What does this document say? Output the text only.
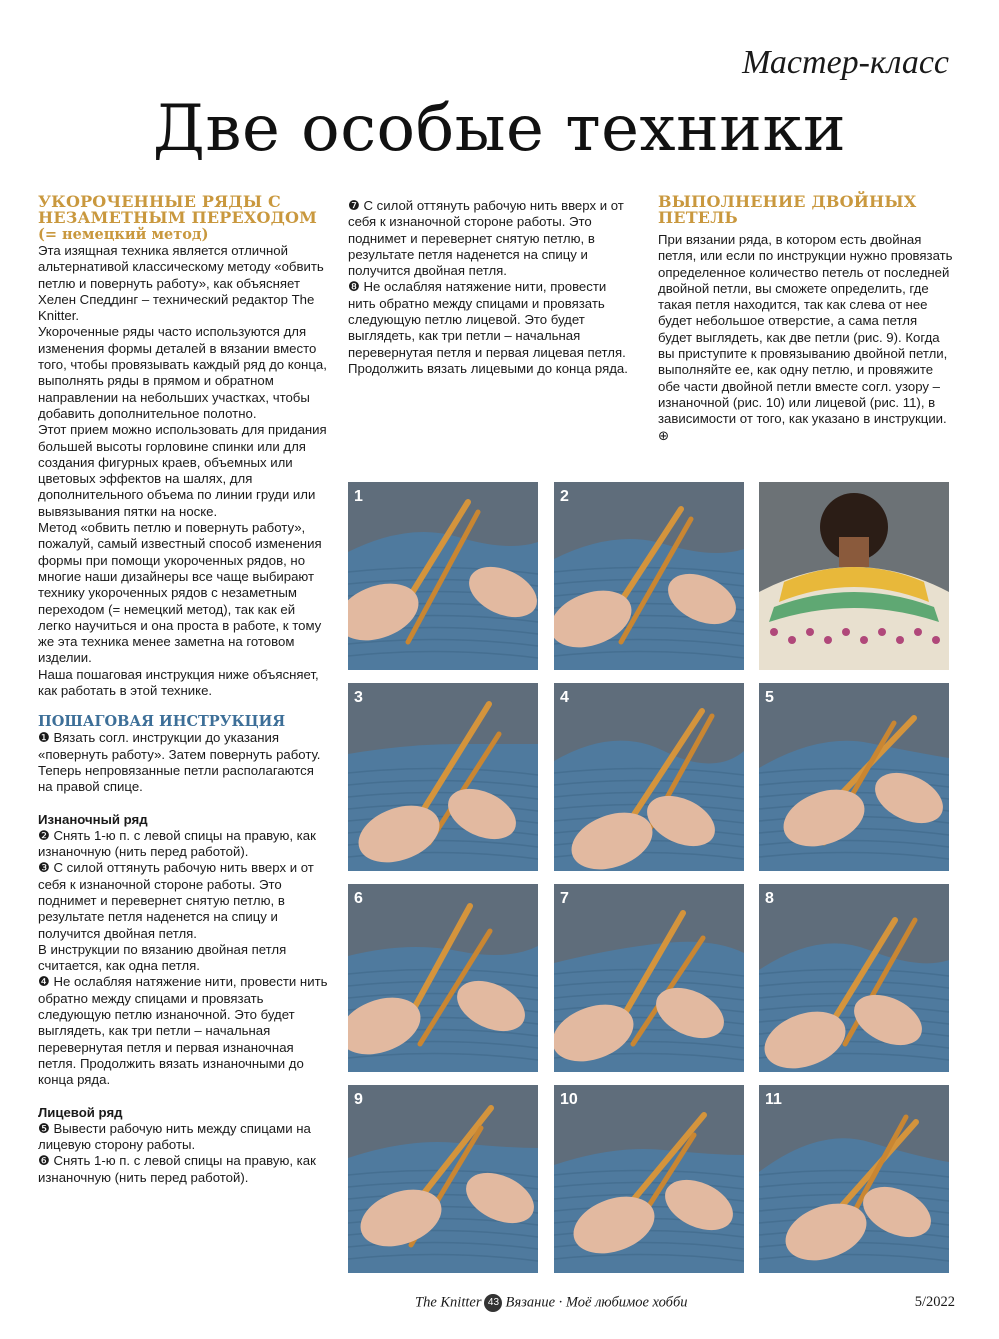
Мастер-класс
Две особые техники

УКОРОЧЕННЫЕ РЯДЫ С НЕЗАМЕТНЫМ ПЕРЕХОДОМ

(= немецкий метод)

Эта изящная техника является отличной альтернативой классическому методу «обвить петлю и повернуть работу», как объясняет Хелен Спеддинг – технический редактор The Knitter.

Укороченные ряды часто используются для изменения формы деталей в вязании вместо того, чтобы провязывать каждый ряд до конца, выполнять ряды в прямом и обратном направлении на небольших участках, чтобы добавить дополнительное полотно.

Этот прием можно использовать для придания большей высоты горловине спинки или для создания фигурных краев, объемных или цветовых эффектов на шалях, для дополнительного объема по линии груди или вывязывания пятки на носке.

Метод «обвить петлю и повернуть работу», пожалуй, самый известный способ изменения формы при помощи укороченных рядов, но многие наши дизайнеры все чаще выбирают технику укороченных рядов с незаметным переходом (= немецкий метод), так как ей легко научиться и она проста в работе, к тому же эта техника менее заметна на готовом изделии.

Наша пошаговая инструкция ниже объясняет, как работать в этой технике.

ПОШАГОВАЯ ИНСТРУКЦИЯ

❶ Вязать согл. инструкции до указания «повернуть работу». Затем повернуть работу.

Теперь непровязанные петли располагаются на правой спице.

Изнаночный ряд

❷ Снять 1-ю п. с левой спицы на правую, как изнаночную (нить перед работой).

❸ С силой оттянуть рабочую нить вверх и от себя к изнаночной стороне работы. Это поднимет и перевернет снятую петлю, в результате петля наденется на спицу и получится двойная петля.

В инструкции по вязанию двойная петля считается, как одна петля.

❹ Не ослабляя натяжение нити, провести нить обратно между спицами и провязать следующую петлю изнаночной. Это будет выглядеть, как три петли – начальная перевернутая петля и первая изнаночная петля. Продолжить вязать изнаночными до конца ряда.

Лицевой ряд

❺ Вывести рабочую нить между спицами на лицевую сторону работы.

❻ Снять 1-ю п. с левой спицы на правую, как изнаночную (нить перед работой).

❼ С силой оттянуть рабочую нить вверх и от себя к изнаночной стороне работы. Это поднимет и перевернет снятую петлю, в результате петля наденется на спицу и получится двойная петля.

❽ Не ослабляя натяжение нити, провести нить обратно между спицами и провязать следующую петлю лицевой. Это будет выглядеть, как три петли – начальная перевернутая петля и первая лицевая петля. Продолжить вязать лицевыми до конца ряда.

ВЫПОЛНЕНИЕ ДВОЙНЫХ ПЕТЕЛЬ

При вязании ряда, в котором есть двойная петля, или если по инструкции нужно провязать определенное количество петель от последней двойной петли, вы сможете определить, где такая петля находится, так как слева от нее будет небольшое отверстие, а сама петля будет выглядеть, как две петли (рис. 9). Когда вы приступите к провязыванию двойной петли, выполняйте ее, как одну петлю, и провяжите обе части двойной петли вместе согл. узору – изнаночной (рис. 10) или лицевой (рис. 11), в зависимости от того, как указано в инструкции. ⊕

1	2
3	4	5
6	7	8
9	10	11
The Knitter 43 Вязание · Моё любимое хобби	5/2022
